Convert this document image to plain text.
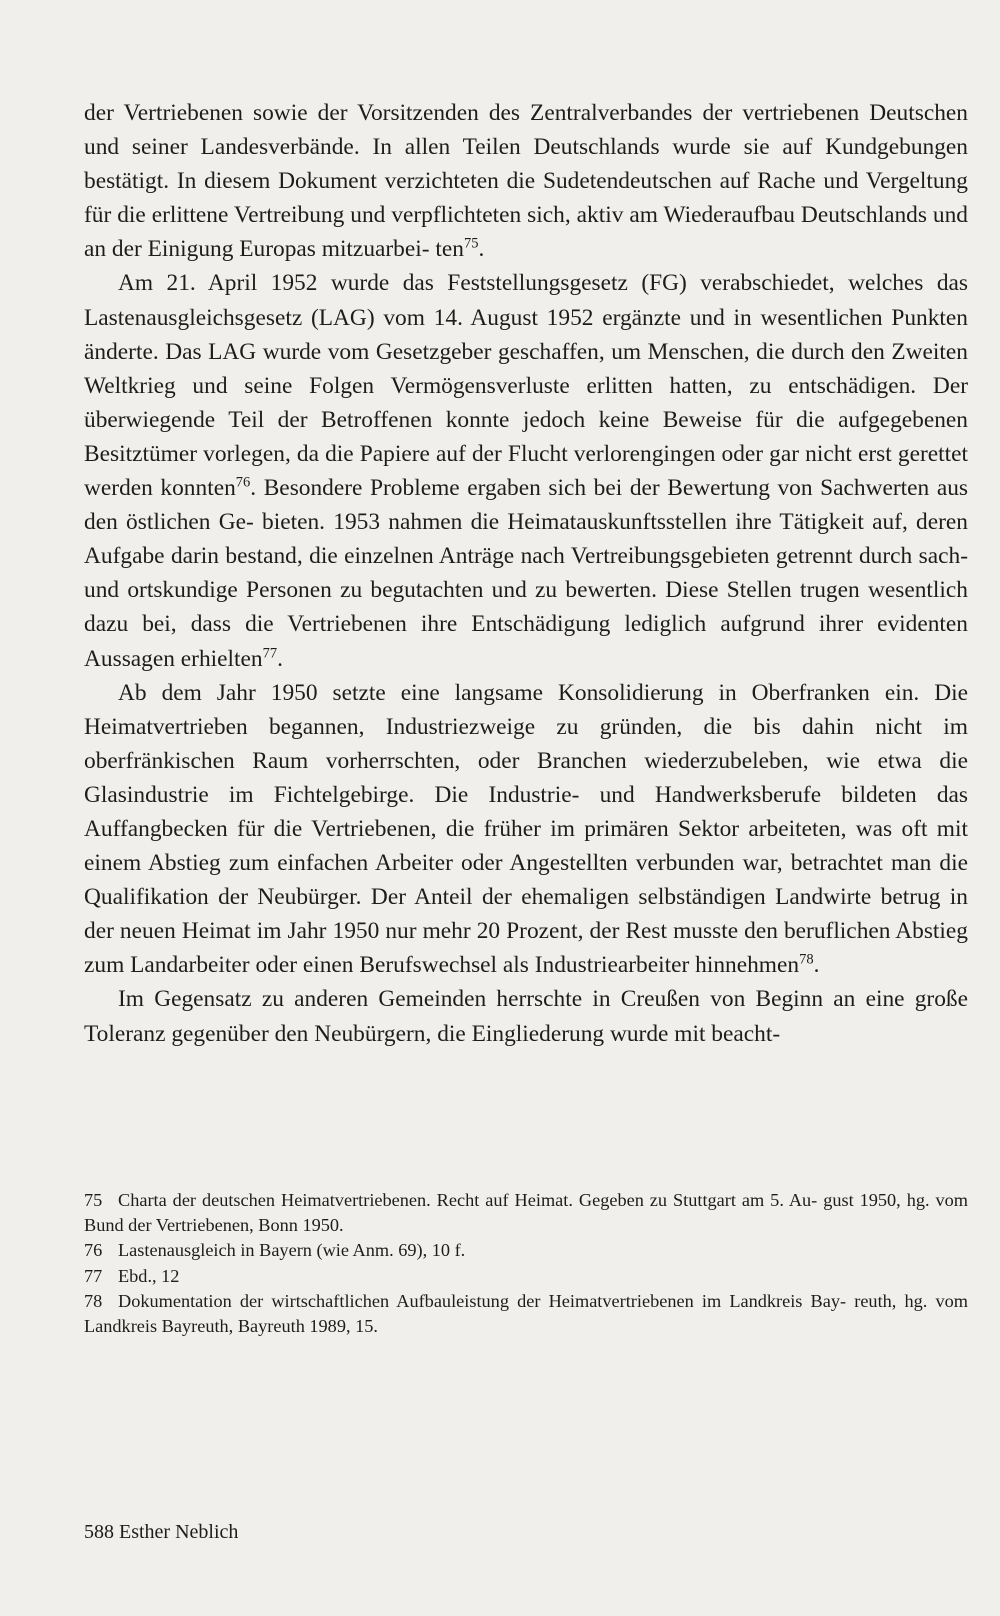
der Vertriebenen sowie der Vorsitzenden des Zentralverbandes der vertriebenen Deutschen und seiner Landesverbände. In allen Teilen Deutschlands wurde sie auf Kundgebungen bestätigt. In diesem Dokument verzichteten die Sudetendeutschen auf Rache und Vergeltung für die erlittene Vertreibung und verpflichteten sich, aktiv am Wiederaufbau Deutschlands und an der Einigung Europas mitzuarbei- ten$^{75}$.

Am 21. April 1952 wurde das Feststellungsgesetz (FG) verabschiedet, welches das Lastenausgleichsgesetz (LAG) vom 14. August 1952 ergänzte und in wesentlichen Punkten änderte. Das LAG wurde vom Gesetzgeber geschaffen, um Menschen, die durch den Zweiten Weltkrieg und seine Folgen Vermögensverluste erlitten hatten, zu entschädigen. Der überwiegende Teil der Betroffenen konnte jedoch keine Beweise für die aufgegebenen Besitztümer vorlegen, da die Papiere auf der Flucht verlorengingen oder gar nicht erst gerettet werden konnten$^{76}$. Besondere Probleme ergaben sich bei der Bewertung von Sachwerten aus den östlichen Ge- bieten. 1953 nahmen die Heimatauskunftsstellen ihre Tätigkeit auf, deren Aufgabe darin bestand, die einzelnen Anträge nach Vertreibungsgebieten getrennt durch sach- und ortskundige Personen zu begutachten und zu bewerten. Diese Stellen trugen wesentlich dazu bei, dass die Vertriebenen ihre Entschädigung lediglich aufgrund ihrer evidenten Aussagen erhielten$^{77}$.

Ab dem Jahr 1950 setzte eine langsame Konsolidierung in Oberfranken ein. Die Heimatvertrieben begannen, Industriezweige zu gründen, die bis dahin nicht im oberfränkischen Raum vorherrschten, oder Branchen wiederzubeleben, wie etwa die Glasindustrie im Fichtelgebirge. Die Industrie- und Handwerksberufe bildeten das Auffangbecken für die Vertriebenen, die früher im primären Sektor arbeiteten, was oft mit einem Abstieg zum einfachen Arbeiter oder Angestellten verbunden war, betrachtet man die Qualifikation der Neubürger. Der Anteil der ehemaligen selbständigen Landwirte betrug in der neuen Heimat im Jahr 1950 nur mehr 20 Prozent, der Rest musste den beruflichen Abstieg zum Landarbeiter oder einen Berufswechsel als Industriearbeiter hinnehmen$^{78}$.

Im Gegensatz zu anderen Gemeinden herrschte in Creußen von Beginn an eine große Toleranz gegenüber den Neubürgern, die Eingliederung wurde mit beacht-

75 Charta der deutschen Heimatvertriebenen. Recht auf Heimat. Gegeben zu Stuttgart am 5. Au- gust 1950, hg. vom Bund der Vertriebenen, Bonn 1950.

76 Lastenausgleich in Bayern (wie Anm. 69), 10 f.

77 Ebd., 12

78 Dokumentation der wirtschaftlichen Aufbauleistung der Heimatvertriebenen im Landkreis Bay- reuth, hg. vom Landkreis Bayreuth, Bayreuth 1989, 15.

588 Esther Neblich
